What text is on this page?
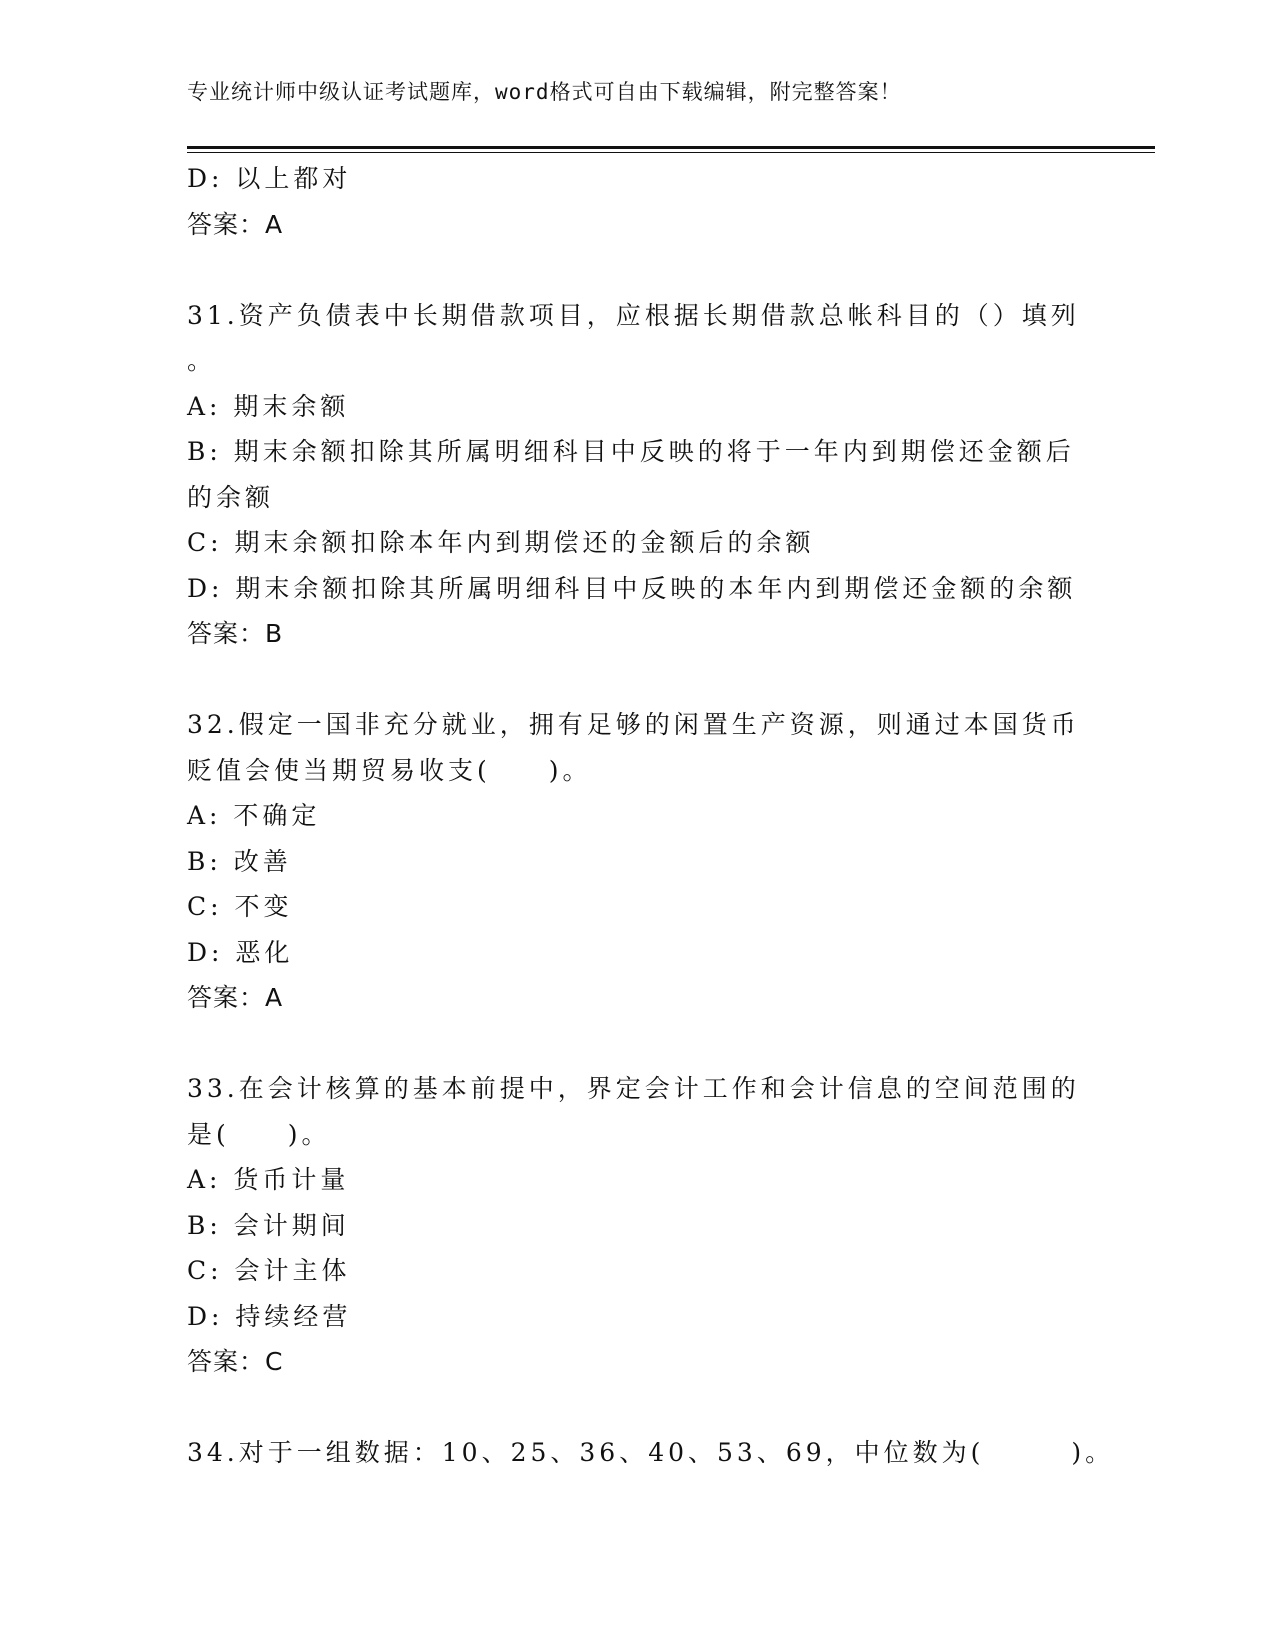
专业统计师中级认证考试题库，word格式可自由下载编辑，附完整答案！
D: 以上都对
答案：A
31.资产负债表中长期借款项目，应根据长期借款总帐科目的（）填列
。
A: 期末余额
B: 期末余额扣除其所属明细科目中反映的将于一年内到期偿还金额后
的余额
C: 期末余额扣除本年内到期偿还的金额后的余额
D: 期末余额扣除其所属明细科目中反映的本年内到期偿还金额的余额
答案：B
32.假定一国非充分就业，拥有足够的闲置生产资源，则通过本国货币
贬值会使当期贸易收支(　　)。
A: 不确定
B: 改善
C: 不变
D: 恶化
答案：A
33.在会计核算的基本前提中，界定会计工作和会计信息的空间范围的
是(　　)。
A: 货币计量
B: 会计期间
C: 会计主体
D: 持续经营
答案：C
34.对于一组数据：10、25、36、40、53、69，中位数为(　　　)。
